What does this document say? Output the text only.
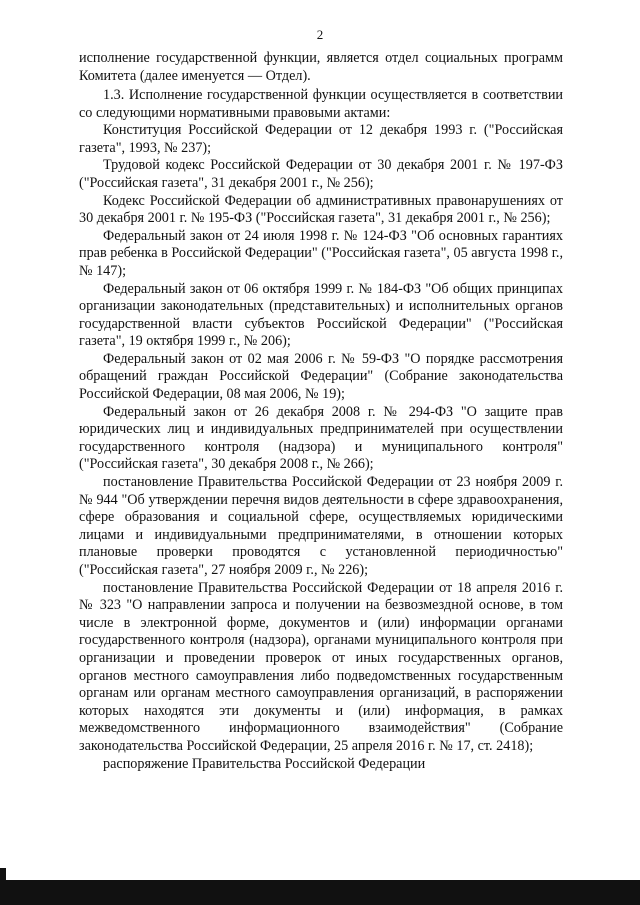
2

исполнение государственной функции, является отдел социальных программ Комитета (далее именуется — Отдел).

1.3. Исполнение государственной функции осуществляется в соответствии со следующими нормативными правовыми актами:

Конституция Российской Федерации от 12 декабря 1993 г. ("Российская газета", 1993, № 237);

Трудовой кодекс Российской Федерации от 30 декабря 2001 г. № 197-ФЗ ("Российская газета", 31 декабря 2001 г., № 256);

Кодекс Российской Федерации об административных правонарушениях от 30 декабря 2001 г. № 195-ФЗ ("Российская газета", 31 декабря 2001 г., № 256);

Федеральный закон от 24 июля 1998 г. № 124-ФЗ "Об основных гарантиях прав ребенка в Российской Федерации" ("Российская газета", 05 августа 1998 г., № 147);

Федеральный закон от 06 октября 1999 г. № 184-ФЗ "Об общих принципах организации законодательных (представительных) и исполнительных органов государственной власти субъектов Российской Федерации" ("Российская газета", 19 октября 1999 г., № 206);

Федеральный закон от 02 мая 2006 г. № 59-ФЗ "О порядке рассмотрения обращений граждан Российской Федерации" (Собрание законодательства Российской Федерации, 08 мая 2006, № 19);

Федеральный закон от 26 декабря 2008 г. № 294-ФЗ "О защите прав юридических лиц и индивидуальных предпринимателей при осуществлении государственного контроля (надзора) и муниципального контроля" ("Российская газета", 30 декабря 2008 г., № 266);

постановление Правительства Российской Федерации от 23 ноября 2009 г. № 944 "Об утверждении перечня видов деятельности в сфере здравоохранения, сфере образования и социальной сфере, осуществляемых юридическими лицами и индивидуальными предпринимателями, в отношении которых плановые проверки проводятся с установленной периодичностью" ("Российская газета", 27 ноября 2009 г., № 226);

постановление Правительства Российской Федерации от 18 апреля 2016 г. № 323 "О направлении запроса и получении на безвозмездной основе, в том числе в электронной форме, документов и (или) информации органами государственного контроля (надзора), органами муниципального контроля при организации и проведении проверок от иных государственных органов, органов местного самоуправления либо подведомственных государственным органам или органам местного самоуправления организаций, в распоряжении которых находятся эти документы и (или) информация, в рамках межведомственного информационного взаимодействия" (Собрание законодательства Российской Федерации, 25 апреля 2016 г. № 17, ст. 2418);

распоряжение Правительства Российской Федерации
